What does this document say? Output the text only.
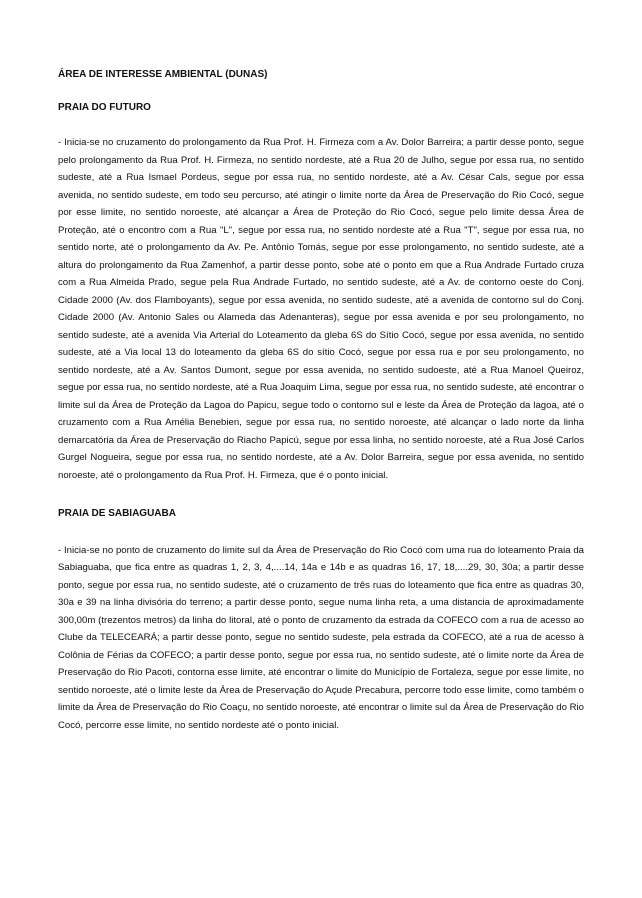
ÁREA DE INTERESSE AMBIENTAL (DUNAS)

PRAIA DO FUTURO

- Inicia-se no cruzamento do prolongamento da Rua Prof. H. Firmeza com a Av. Dolor Barreira; a partir desse ponto, segue pelo prolongamento da Rua Prof. H. Firmeza, no sentido nordeste, até a Rua 20 de Julho, segue por essa rua, no sentido sudeste, até a Rua Ismael Pordeus, segue por essa rua, no sentido nordeste, até a Av. César Cals, segue por essa avenida, no sentido sudeste, em todo seu percurso, até atingir o limite norte da Área de Preservação do Rio Cocó, segue por esse limite, no sentido noroeste, até alcançar a Área de Proteção do Rio Cocó, segue pelo limite dessa Área de Proteção, até o encontro com a Rua "L", segue por essa rua, no sentido nordeste até a Rua "T", segue por essa rua, no sentido norte, até o prolongamento da Av. Pe. Antônio Tomás, segue por esse prolongamento, no sentido sudeste, até a altura do prolongamento da Rua Zamenhof, a partir desse ponto, sobe até o ponto em que a Rua Andrade Furtado cruza com a Rua Almeida Prado, segue pela Rua Andrade Furtado, no sentido sudeste, até a Av. de contorno oeste do Conj. Cidade 2000 (Av. dos Flamboyants), segue por essa avenida, no sentido sudeste, até a avenida de contorno sul do Conj. Cidade 2000 (Av. Antonio Sales ou Alameda das Adenanteras), segue por essa avenida e por seu prolongamento, no sentido sudeste, até a avenida Via Arterial do Loteamento da gleba 6S do Sítio Cocó, segue por essa avenida, no sentido sudeste, até a Via local 13 do loteamento da gleba 6S do sítio Cocó, segue por essa rua e por seu prolongamento, no sentido nordeste, até a Av. Santos Dumont, segue por essa avenida, no sentido sudoeste, até a Rua Manoel Queiroz, segue por essa rua, no sentido nordeste, até a Rua Joaquim Lima, segue por essa rua, no sentido sudeste, até encontrar o limite sul da Área de Proteção da Lagoa do Papicu, segue todo o contorno sul e leste da Área de Proteção da lagoa, até o cruzamento com a Rua Amélia Benebien, segue por essa rua, no sentido noroeste, até alcançar o lado norte da linha demarcatória da Área de Preservação do Riacho Papicú, segue por essa linha, no sentido noroeste, até a Rua José Carlos Gurgel Nogueira, segue por essa rua, no sentido nordeste, até a Av. Dolor Barreira, segue por essa avenida, no sentido noroeste, até o prolongamento da Rua Prof. H. Firmeza, que é o ponto inicial.

PRAIA DE SABIAGUABA

- Inicia-se no ponto de cruzamento do limite sul da Área de Preservação do Rio Cocó com uma rua do loteamento Praia da Sabiaguaba, que fica entre as quadras 1, 2, 3, 4,....14, 14a e 14b e as quadras 16, 17, 18,....29, 30, 30a; a partir desse ponto, segue por essa rua, no sentido sudeste, até o cruzamento de três ruas do loteamento que fica entre as quadras 30, 30a e 39 na linha divisória do terreno; a partir desse ponto, segue numa linha reta, a uma distancia de aproximadamente 300,00m (trezentos metros) da linha do litoral, até o ponto de cruzamento da estrada da COFECO com a rua de acesso ao Clube da TELECEARÁ; a partir desse ponto, segue no sentido sudeste, pela estrada da COFECO, até a rua de acesso à Colônia de Férias da COFECO; a partir desse ponto, segue por essa rua, no sentido sudeste, até o limite norte da Área de Preservação do Rio Pacoti, contorna esse limite, até encontrar o limite do Município de Fortaleza, segue por esse limite, no sentido noroeste, até o limite leste da Área de Preservação do Açude Precabura, percorre todo esse limite, como também o limite da Área de Preservação do Rio Coaçu, no sentido noroeste, até encontrar o limite sul da Área de Preservação do Rio Cocó, percorre esse limite, no sentido nordeste até o ponto inicial.
